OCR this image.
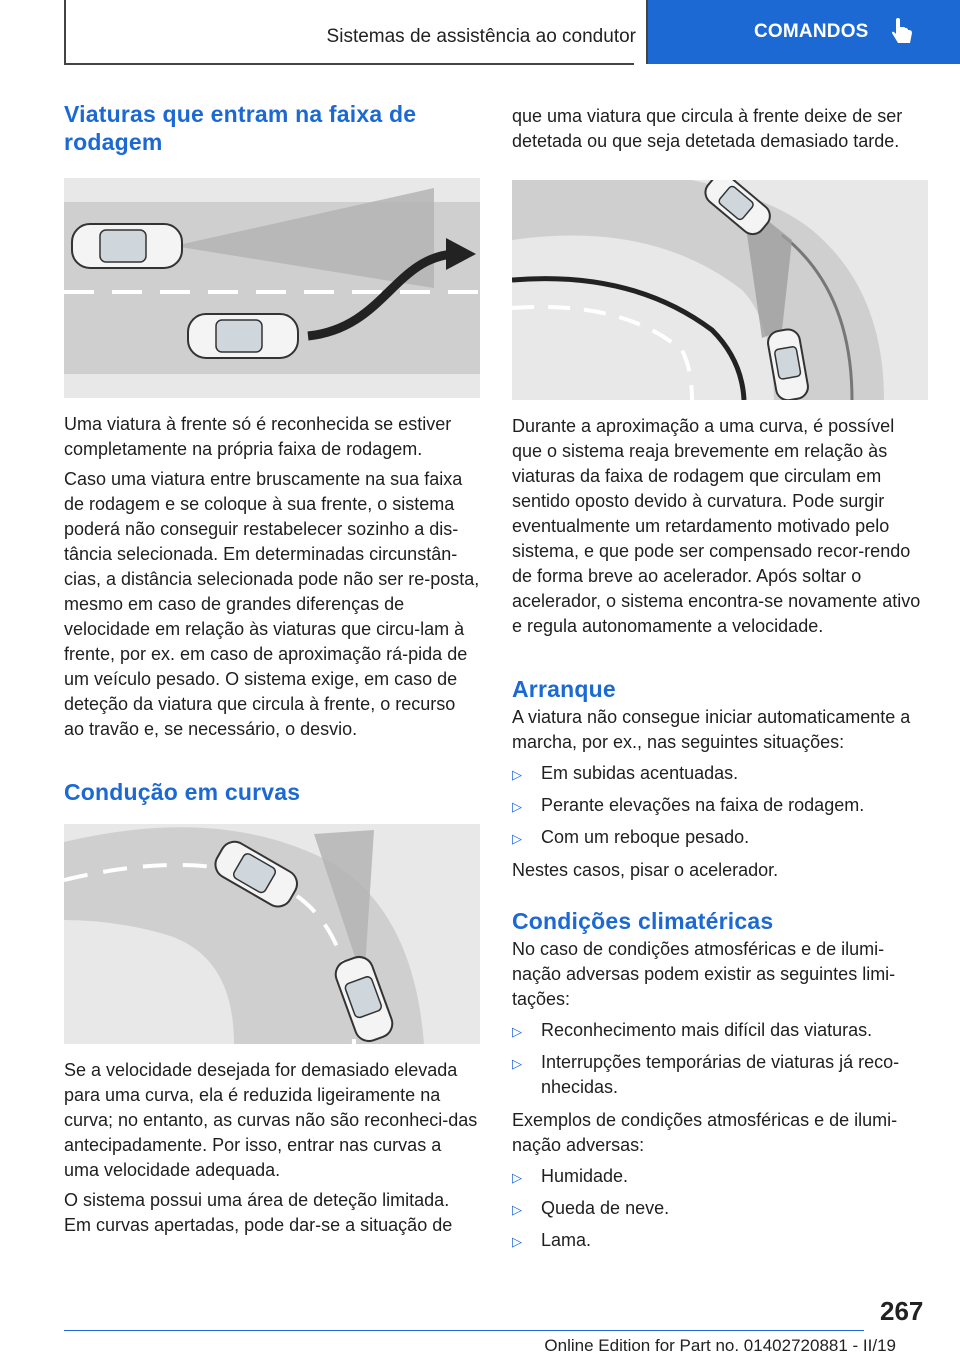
Sistemas de assistência ao condutor	COMANDOS
Viaturas que entram na faixa de rodagem

Uma viatura à frente só é reconhecida se estiver completamente na própria faixa de rodagem.

Caso uma viatura entre bruscamente na sua faixa de rodagem e se coloque à sua frente, o sistema poderá não conseguir restabelecer sozinho a dis-tância selecionada. Em determinadas circunstân-cias, a distância selecionada pode não ser re-posta, mesmo em caso de grandes diferenças de velocidade em relação às viaturas que circu-lam à frente, por ex. em caso de aproximação rá-pida de um veículo pesado. O sistema exige, em caso de deteção da viatura que circula à frente, o recurso ao travão e, se necessário, o desvio.

Condução em curvas

Se a velocidade desejada for demasiado elevada para uma curva, ela é reduzida ligeiramente na curva; no entanto, as curvas não são reconheci-das antecipadamente. Por isso, entrar nas curvas a uma velocidade adequada.

O sistema possui uma área de deteção limitada. Em curvas apertadas, pode dar-se a situação de

que uma viatura que circula à frente deixe de ser detetada ou que seja detetada demasiado tarde.

Durante a aproximação a uma curva, é possível que o sistema reaja brevemente em relação às viaturas da faixa de rodagem que circulam em sentido oposto devido à curvatura. Pode surgir eventualmente um retardamento motivado pelo sistema, e que pode ser compensado recor-rendo de forma breve ao acelerador. Após soltar o acelerador, o sistema encontra-se novamente ativo e regula autonomamente a velocidade.

Arranque

A viatura não consegue iniciar automaticamente a marcha, por ex., nas seguintes situações:

▷ Em subidas acentuadas.
▷ Perante elevações na faixa de rodagem.
▷ Com um reboque pesado.

Nestes casos, pisar o acelerador.

Condições climatéricas

No caso de condições atmosféricas e de ilumi-nação adversas podem existir as seguintes limi-tações:

▷ Reconhecimento mais difícil das viaturas.
▷ Interrupções temporárias de viaturas já reco-nhecidas.

Exemplos de condições atmosféricas e de ilumi-nação adversas:

▷ Humidade.
▷ Queda de neve.
▷ Lama.
267
Online Edition for Part no. 01402720881 - II/19
